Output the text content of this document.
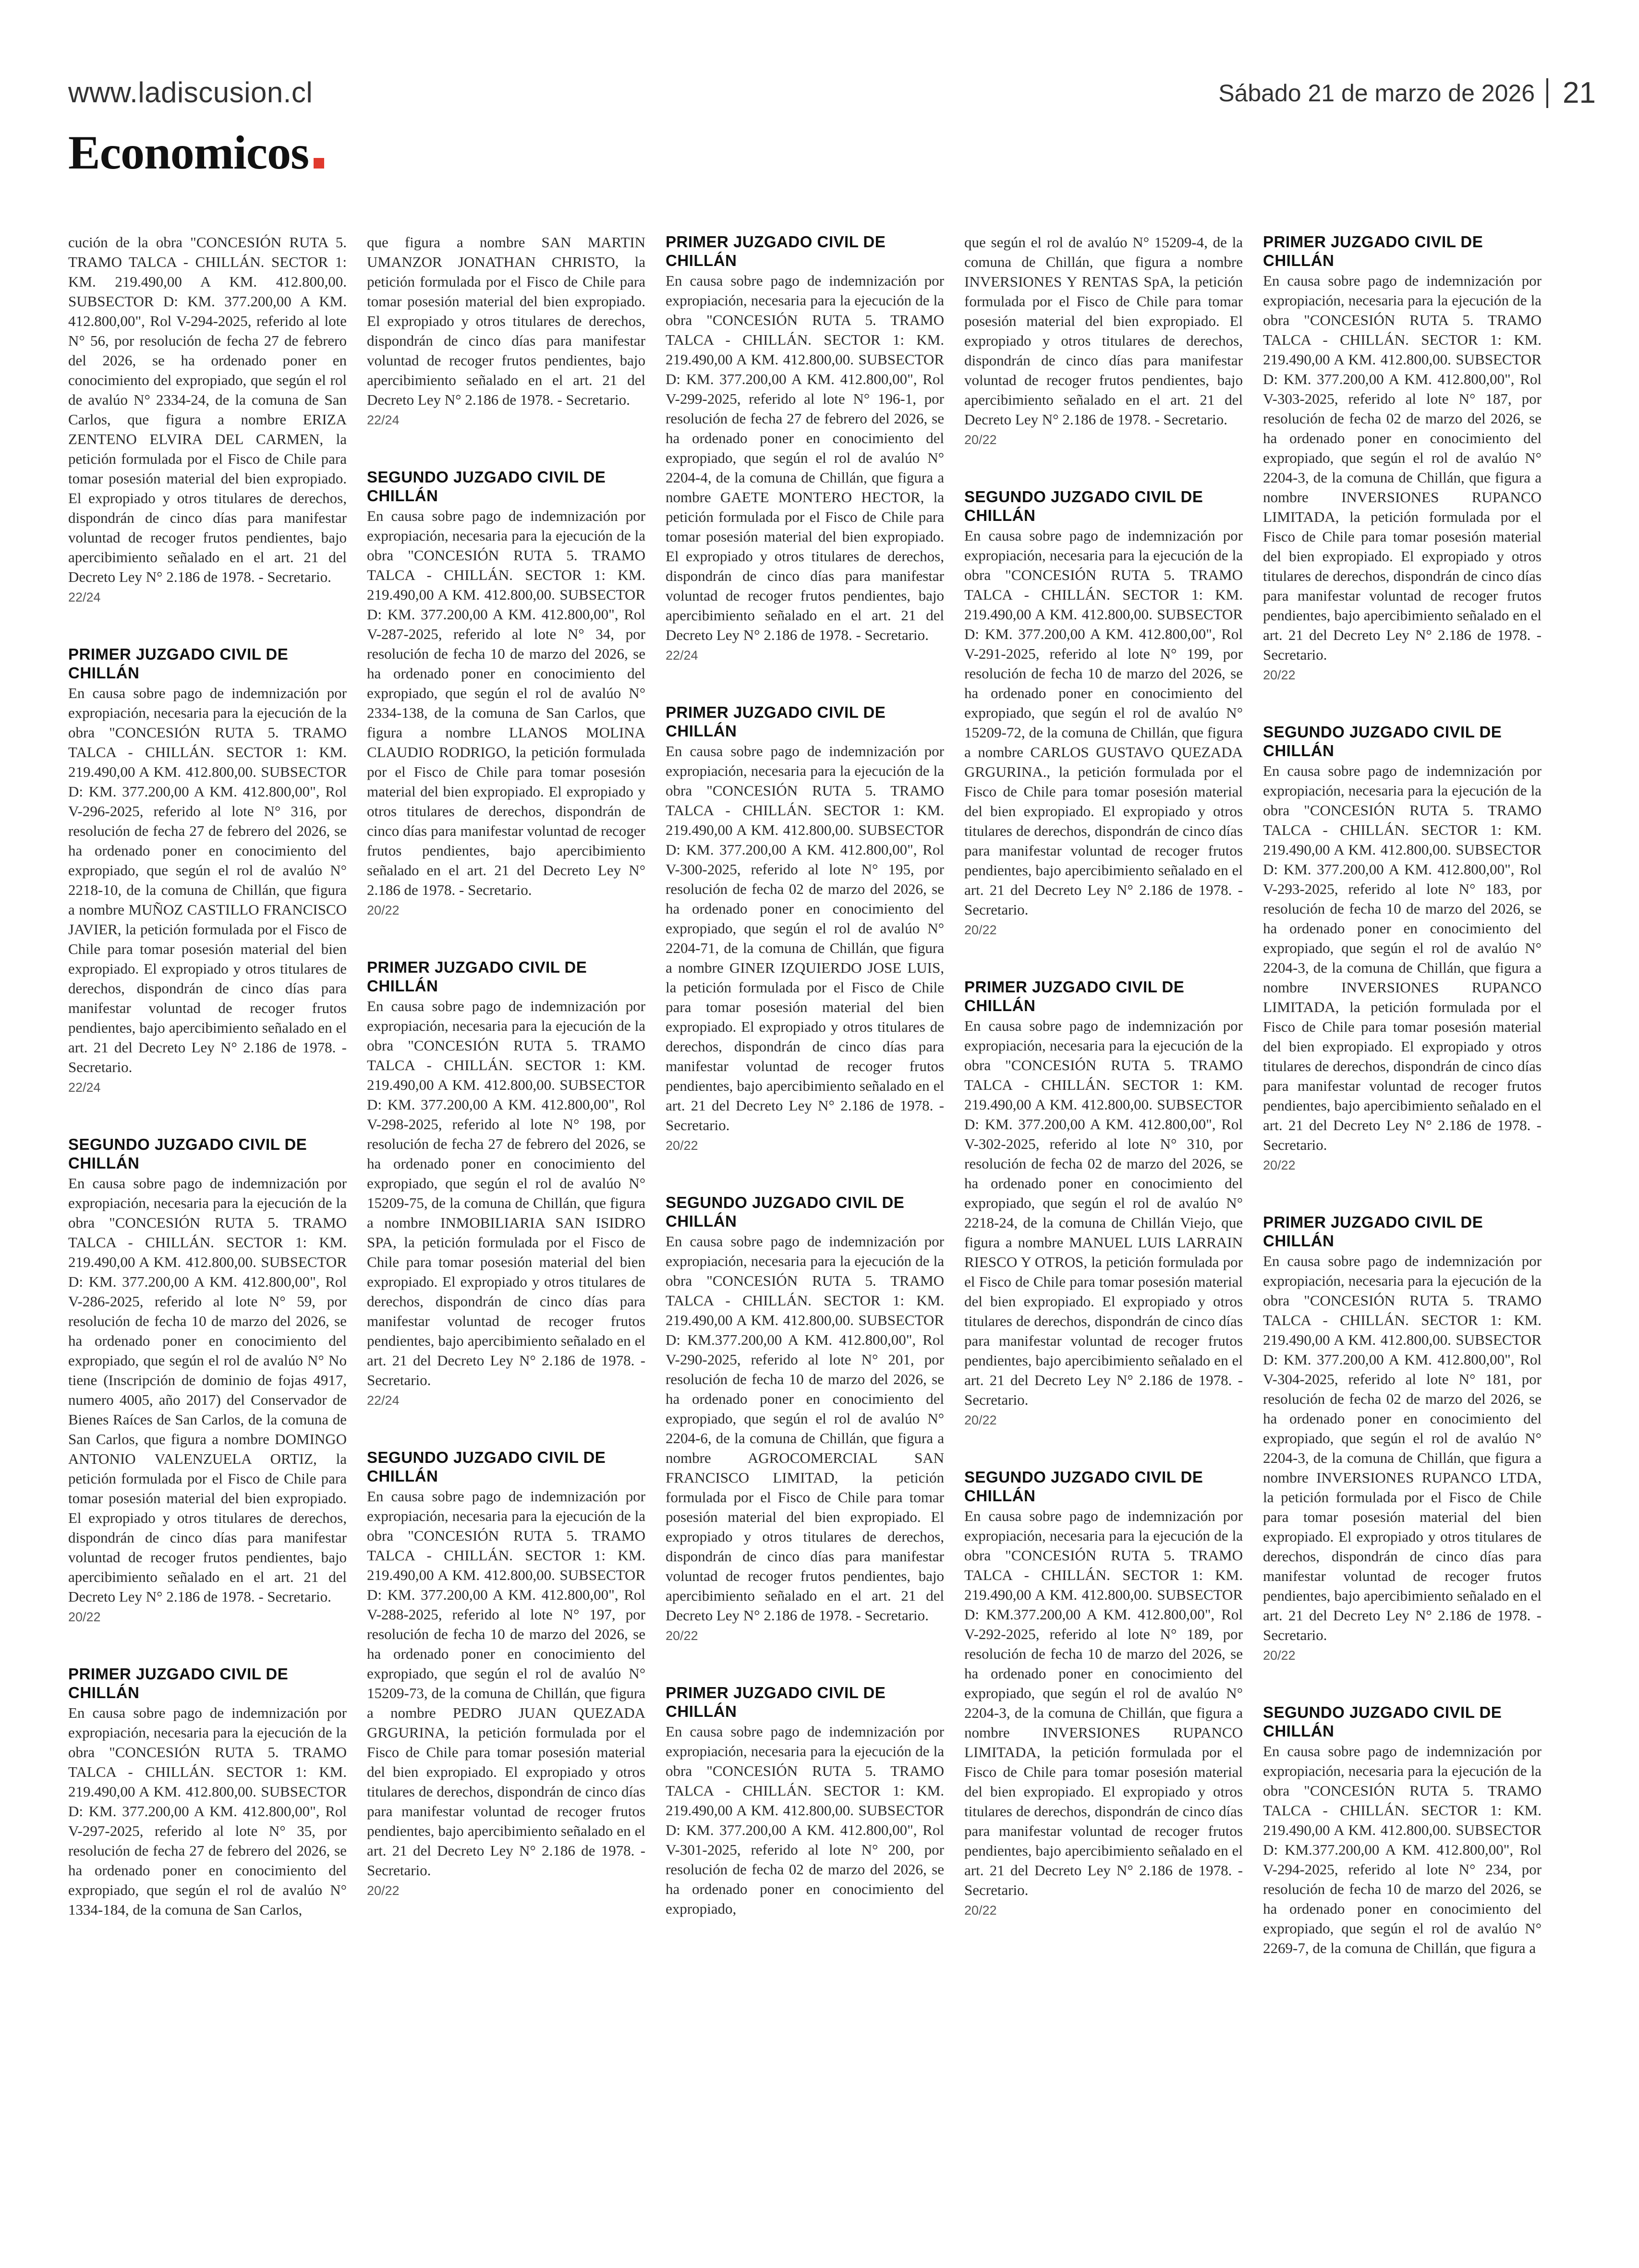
www.ladiscusion.cl	Sábado 21 de marzo de 2026 21
Economicos

cución de la obra "CONCESIÓN RUTA 5. TRAMO TALCA - CHILLÁN. SECTOR 1: KM. 219.490,00 A KM. 412.800,00. SUBSECTOR D: KM. 377.200,00 A KM. 412.800,00", Rol V-294-2025, referido al lote N° 56, por resolución de fecha 27 de febrero del 2026, se ha ordenado poner en conocimiento del expropiado, que según el rol de avalúo N° 2334-24, de la comuna de San Carlos, que figura a nombre ERIZA ZENTENO ELVIRA DEL CARMEN, la petición formulada por el Fisco de Chile para tomar posesión material del bien expropiado. El expropiado y otros titulares de derechos, dispondrán de cinco días para manifestar voluntad de recoger frutos pendientes, bajo apercibimiento señalado en el art. 21 del Decreto Ley N° 2.186 de 1978. - Secretario.

22/24
PRIMER JUZGADO CIVIL DE CHILLÁN

En causa sobre pago de indemnización por expropiación, necesaria para la ejecución de la obra "CONCESIÓN RUTA 5. TRAMO TALCA - CHILLÁN. SECTOR 1: KM. 219.490,00 A KM. 412.800,00. SUBSECTOR D: KM. 377.200,00 A KM. 412.800,00", Rol V-296-2025, referido al lote N° 316, por resolución de fecha 27 de febrero del 2026, se ha ordenado poner en conocimiento del expropiado, que según el rol de avalúo N° 2218-10, de la comuna de Chillán, que figura a nombre MUÑOZ CASTILLO FRANCISCO JAVIER, la petición formulada por el Fisco de Chile para tomar posesión material del bien expropiado. El expropiado y otros titulares de derechos, dispondrán de cinco días para manifestar voluntad de recoger frutos pendientes, bajo apercibimiento señalado en el art. 21 del Decreto Ley N° 2.186 de 1978. - Secretario.

22/24
SEGUNDO JUZGADO CIVIL DE CHILLÁN

En causa sobre pago de indemnización por expropiación, necesaria para la ejecución de la obra "CONCESIÓN RUTA 5. TRAMO TALCA - CHILLÁN. SECTOR 1: KM. 219.490,00 A KM. 412.800,00. SUBSECTOR D: KM. 377.200,00 A KM. 412.800,00", Rol V-286-2025, referido al lote N° 59, por resolución de fecha 10 de marzo del 2026, se ha ordenado poner en conocimiento del expropiado, que según el rol de avalúo N° No tiene (Inscripción de dominio de fojas 4917, numero 4005, año 2017) del Conservador de Bienes Raíces de San Carlos, de la comuna de San Carlos, que figura a nombre DOMINGO ANTONIO VALENZUELA ORTIZ, la petición formulada por el Fisco de Chile para tomar posesión material del bien expropiado. El expropiado y otros titulares de derechos, dispondrán de cinco días para manifestar voluntad de recoger frutos pendientes, bajo apercibimiento señalado en el art. 21 del Decreto Ley N° 2.186 de 1978. - Secretario.

20/22
PRIMER JUZGADO CIVIL DE CHILLÁN

En causa sobre pago de indemnización por expropiación, necesaria para la ejecución de la obra "CONCESIÓN RUTA 5. TRAMO TALCA - CHILLÁN. SECTOR 1: KM. 219.490,00 A KM. 412.800,00. SUBSECTOR D: KM. 377.200,00 A KM. 412.800,00", Rol V-297-2025, referido al lote N° 35, por resolución de fecha 27 de febrero del 2026, se ha ordenado poner en conocimiento del expropiado, que según el rol de avalúo N° 1334-184, de la comuna de San Carlos,

que figura a nombre SAN MARTIN UMANZOR JONATHAN CHRISTO, la petición formulada por el Fisco de Chile para tomar posesión material del bien expropiado. El expropiado y otros titulares de derechos, dispondrán de cinco días para manifestar voluntad de recoger frutos pendientes, bajo apercibimiento señalado en el art. 21 del Decreto Ley N° 2.186 de 1978. - Secretario.

22/24
SEGUNDO JUZGADO CIVIL DE CHILLÁN

En causa sobre pago de indemnización por expropiación, necesaria para la ejecución de la obra "CONCESIÓN RUTA 5. TRAMO TALCA - CHILLÁN. SECTOR 1: KM. 219.490,00 A KM. 412.800,00. SUBSECTOR D: KM. 377.200,00 A KM. 412.800,00", Rol V-287-2025, referido al lote N° 34, por resolución de fecha 10 de marzo del 2026, se ha ordenado poner en conocimiento del expropiado, que según el rol de avalúo N° 2334-138, de la comuna de San Carlos, que figura a nombre LLANOS MOLINA CLAUDIO RODRIGO, la petición formulada por el Fisco de Chile para tomar posesión material del bien expropiado. El expropiado y otros titulares de derechos, dispondrán de cinco días para manifestar voluntad de recoger frutos pendientes, bajo apercibimiento señalado en el art. 21 del Decreto Ley N° 2.186 de 1978. - Secretario.

20/22
PRIMER JUZGADO CIVIL DE CHILLÁN

En causa sobre pago de indemnización por expropiación, necesaria para la ejecución de la obra "CONCESIÓN RUTA 5. TRAMO TALCA - CHILLÁN. SECTOR 1: KM. 219.490,00 A KM. 412.800,00. SUBSECTOR D: KM. 377.200,00 A KM. 412.800,00", Rol V-298-2025, referido al lote N° 198, por resolución de fecha 27 de febrero del 2026, se ha ordenado poner en conocimiento del expropiado, que según el rol de avalúo N° 15209-75, de la comuna de Chillán, que figura a nombre INMOBILIARIA SAN ISIDRO SPA, la petición formulada por el Fisco de Chile para tomar posesión material del bien expropiado. El expropiado y otros titulares de derechos, dispondrán de cinco días para manifestar voluntad de recoger frutos pendientes, bajo apercibimiento señalado en el art. 21 del Decreto Ley N° 2.186 de 1978. - Secretario.

22/24
SEGUNDO JUZGADO CIVIL DE CHILLÁN

En causa sobre pago de indemnización por expropiación, necesaria para la ejecución de la obra "CONCESIÓN RUTA 5. TRAMO TALCA - CHILLÁN. SECTOR 1: KM. 219.490,00 A KM. 412.800,00. SUBSECTOR D: KM. 377.200,00 A KM. 412.800,00", Rol V-288-2025, referido al lote N° 197, por resolución de fecha 10 de marzo del 2026, se ha ordenado poner en conocimiento del expropiado, que según el rol de avalúo N° 15209-73, de la comuna de Chillán, que figura a nombre PEDRO JUAN QUEZADA GRGURINA, la petición formulada por el Fisco de Chile para tomar posesión material del bien expropiado. El expropiado y otros titulares de derechos, dispondrán de cinco días para manifestar voluntad de recoger frutos pendientes, bajo apercibimiento señalado en el art. 21 del Decreto Ley N° 2.186 de 1978. - Secretario.

20/22
PRIMER JUZGADO CIVIL DE CHILLÁN

En causa sobre pago de indemnización por expropiación, necesaria para la ejecución de la obra "CONCESIÓN RUTA 5. TRAMO TALCA - CHILLÁN. SECTOR 1: KM. 219.490,00 A KM. 412.800,00. SUBSECTOR D: KM. 377.200,00 A KM. 412.800,00", Rol V-299-2025, referido al lote N° 196-1, por resolución de fecha 27 de febrero del 2026, se ha ordenado poner en conocimiento del expropiado, que según el rol de avalúo N° 2204-4, de la comuna de Chillán, que figura a nombre GAETE MONTERO HECTOR, la petición formulada por el Fisco de Chile para tomar posesión material del bien expropiado. El expropiado y otros titulares de derechos, dispondrán de cinco días para manifestar voluntad de recoger frutos pendientes, bajo apercibimiento señalado en el art. 21 del Decreto Ley N° 2.186 de 1978. - Secretario.

22/24
PRIMER JUZGADO CIVIL DE CHILLÁN

En causa sobre pago de indemnización por expropiación, necesaria para la ejecución de la obra "CONCESIÓN RUTA 5. TRAMO TALCA - CHILLÁN. SECTOR 1: KM. 219.490,00 A KM. 412.800,00. SUBSECTOR D: KM. 377.200,00 A KM. 412.800,00", Rol V-300-2025, referido al lote N° 195, por resolución de fecha 02 de marzo del 2026, se ha ordenado poner en conocimiento del expropiado, que según el rol de avalúo N° 2204-71, de la comuna de Chillán, que figura a nombre GINER IZQUIERDO JOSE LUIS, la petición formulada por el Fisco de Chile para tomar posesión material del bien expropiado. El expropiado y otros titulares de derechos, dispondrán de cinco días para manifestar voluntad de recoger frutos pendientes, bajo apercibimiento señalado en el art. 21 del Decreto Ley N° 2.186 de 1978. - Secretario.

20/22
SEGUNDO JUZGADO CIVIL DE CHILLÁN

En causa sobre pago de indemnización por expropiación, necesaria para la ejecución de la obra "CONCESIÓN RUTA 5. TRAMO TALCA - CHILLÁN. SECTOR 1: KM. 219.490,00 A KM. 412.800,00. SUBSECTOR D: KM.377.200,00 A KM. 412.800,00", Rol V-290-2025, referido al lote N° 201, por resolución de fecha 10 de marzo del 2026, se ha ordenado poner en conocimiento del expropiado, que según el rol de avalúo N° 2204-6, de la comuna de Chillán, que figura a nombre AGROCOMERCIAL SAN FRANCISCO LIMITAD, la petición formulada por el Fisco de Chile para tomar posesión material del bien expropiado. El expropiado y otros titulares de derechos, dispondrán de cinco días para manifestar voluntad de recoger frutos pendientes, bajo apercibimiento señalado en el art. 21 del Decreto Ley N° 2.186 de 1978. - Secretario.

20/22
PRIMER JUZGADO CIVIL DE CHILLÁN

En causa sobre pago de indemnización por expropiación, necesaria para la ejecución de la obra "CONCESIÓN RUTA 5. TRAMO TALCA - CHILLÁN. SECTOR 1: KM. 219.490,00 A KM. 412.800,00. SUBSECTOR D: KM. 377.200,00 A KM. 412.800,00", Rol V-301-2025, referido al lote N° 200, por resolución de fecha 02 de marzo del 2026, se ha ordenado poner en conocimiento del expropiado,

que según el rol de avalúo N° 15209-4, de la comuna de Chillán, que figura a nombre INVERSIONES Y RENTAS SpA, la petición formulada por el Fisco de Chile para tomar posesión material del bien expropiado. El expropiado y otros titulares de derechos, dispondrán de cinco días para manifestar voluntad de recoger frutos pendientes, bajo apercibimiento señalado en el art. 21 del Decreto Ley N° 2.186 de 1978. - Secretario.

20/22
SEGUNDO JUZGADO CIVIL DE CHILLÁN

En causa sobre pago de indemnización por expropiación, necesaria para la ejecución de la obra "CONCESIÓN RUTA 5. TRAMO TALCA - CHILLÁN. SECTOR 1: KM. 219.490,00 A KM. 412.800,00. SUBSECTOR D: KM. 377.200,00 A KM. 412.800,00", Rol V-291-2025, referido al lote N° 199, por resolución de fecha 10 de marzo del 2026, se ha ordenado poner en conocimiento del expropiado, que según el rol de avalúo N° 15209-72, de la comuna de Chillán, que figura a nombre CARLOS GUSTAVO QUEZADA GRGURINA., la petición formulada por el Fisco de Chile para tomar posesión material del bien expropiado. El expropiado y otros titulares de derechos, dispondrán de cinco días para manifestar voluntad de recoger frutos pendientes, bajo apercibimiento señalado en el art. 21 del Decreto Ley N° 2.186 de 1978. - Secretario.

20/22
PRIMER JUZGADO CIVIL DE CHILLÁN

En causa sobre pago de indemnización por expropiación, necesaria para la ejecución de la obra "CONCESIÓN RUTA 5. TRAMO TALCA - CHILLÁN. SECTOR 1: KM. 219.490,00 A KM. 412.800,00. SUBSECTOR D: KM. 377.200,00 A KM. 412.800,00", Rol V-302-2025, referido al lote N° 310, por resolución de fecha 02 de marzo del 2026, se ha ordenado poner en conocimiento del expropiado, que según el rol de avalúo N° 2218-24, de la comuna de Chillán Viejo, que figura a nombre MANUEL LUIS LARRAIN RIESCO Y OTROS, la petición formulada por el Fisco de Chile para tomar posesión material del bien expropiado. El expropiado y otros titulares de derechos, dispondrán de cinco días para manifestar voluntad de recoger frutos pendientes, bajo apercibimiento señalado en el art. 21 del Decreto Ley N° 2.186 de 1978. - Secretario.

20/22
SEGUNDO JUZGADO CIVIL DE CHILLÁN

En causa sobre pago de indemnización por expropiación, necesaria para la ejecución de la obra "CONCESIÓN RUTA 5. TRAMO TALCA - CHILLÁN. SECTOR 1: KM. 219.490,00 A KM. 412.800,00. SUBSECTOR D: KM.377.200,00 A KM. 412.800,00", Rol V-292-2025, referido al lote N° 189, por resolución de fecha 10 de marzo del 2026, se ha ordenado poner en conocimiento del expropiado, que según el rol de avalúo N° 2204-3, de la comuna de Chillán, que figura a nombre INVERSIONES RUPANCO LIMITADA, la petición formulada por el Fisco de Chile para tomar posesión material del bien expropiado. El expropiado y otros titulares de derechos, dispondrán de cinco días para manifestar voluntad de recoger frutos pendientes, bajo apercibimiento señalado en el art. 21 del Decreto Ley N° 2.186 de 1978. - Secretario.

20/22
PRIMER JUZGADO CIVIL DE CHILLÁN

En causa sobre pago de indemnización por expropiación, necesaria para la ejecución de la obra "CONCESIÓN RUTA 5. TRAMO TALCA - CHILLÁN. SECTOR 1: KM. 219.490,00 A KM. 412.800,00. SUBSECTOR D: KM. 377.200,00 A KM. 412.800,00", Rol V-303-2025, referido al lote N° 187, por resolución de fecha 02 de marzo del 2026, se ha ordenado poner en conocimiento del expropiado, que según el rol de avalúo N° 2204-3, de la comuna de Chillán, que figura a nombre INVERSIONES RUPANCO LIMITADA, la petición formulada por el Fisco de Chile para tomar posesión material del bien expropiado. El expropiado y otros titulares de derechos, dispondrán de cinco días para manifestar voluntad de recoger frutos pendientes, bajo apercibimiento señalado en el art. 21 del Decreto Ley N° 2.186 de 1978. - Secretario.

20/22
SEGUNDO JUZGADO CIVIL DE CHILLÁN

En causa sobre pago de indemnización por expropiación, necesaria para la ejecución de la obra "CONCESIÓN RUTA 5. TRAMO TALCA - CHILLÁN. SECTOR 1: KM. 219.490,00 A KM. 412.800,00. SUBSECTOR D: KM. 377.200,00 A KM. 412.800,00", Rol V-293-2025, referido al lote N° 183, por resolución de fecha 10 de marzo del 2026, se ha ordenado poner en conocimiento del expropiado, que según el rol de avalúo N° 2204-3, de la comuna de Chillán, que figura a nombre INVERSIONES RUPANCO LIMITADA, la petición formulada por el Fisco de Chile para tomar posesión material del bien expropiado. El expropiado y otros titulares de derechos, dispondrán de cinco días para manifestar voluntad de recoger frutos pendientes, bajo apercibimiento señalado en el art. 21 del Decreto Ley N° 2.186 de 1978. - Secretario.

20/22
PRIMER JUZGADO CIVIL DE CHILLÁN

En causa sobre pago de indemnización por expropiación, necesaria para la ejecución de la obra "CONCESIÓN RUTA 5. TRAMO TALCA - CHILLÁN. SECTOR 1: KM. 219.490,00 A KM. 412.800,00. SUBSECTOR D: KM. 377.200,00 A KM. 412.800,00", Rol V-304-2025, referido al lote N° 181, por resolución de fecha 02 de marzo del 2026, se ha ordenado poner en conocimiento del expropiado, que según el rol de avalúo N° 2204-3, de la comuna de Chillán, que figura a nombre INVERSIONES RUPANCO LTDA, la petición formulada por el Fisco de Chile para tomar posesión material del bien expropiado. El expropiado y otros titulares de derechos, dispondrán de cinco días para manifestar voluntad de recoger frutos pendientes, bajo apercibimiento señalado en el art. 21 del Decreto Ley N° 2.186 de 1978. - Secretario.

20/22
SEGUNDO JUZGADO CIVIL DE CHILLÁN

En causa sobre pago de indemnización por expropiación, necesaria para la ejecución de la obra "CONCESIÓN RUTA 5. TRAMO TALCA - CHILLÁN. SECTOR 1: KM. 219.490,00 A KM. 412.800,00. SUBSECTOR D: KM.377.200,00 A KM. 412.800,00", Rol V-294-2025, referido al lote N° 234, por resolución de fecha 10 de marzo del 2026, se ha ordenado poner en conocimiento del expropiado, que según el rol de avalúo N° 2269-7, de la comuna de Chillán, que figura a
